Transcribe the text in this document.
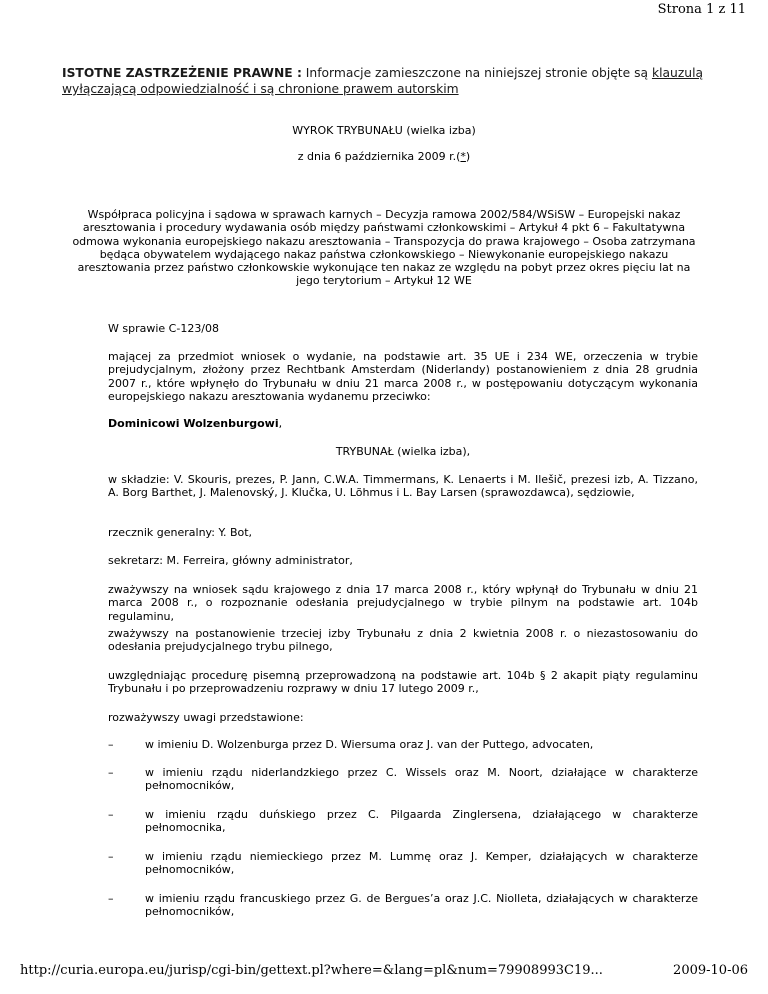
Strona 1 z 11
ISTOTNE ZASTRZEŻENIE PRAWNE : Informacje zamieszczone na niniejszej stronie objęte są klauzulą wyłączającą odpowiedzialność i są chronione prawem autorskim
WYROK TRYBUNAŁU (wielka izba)
z dnia 6 października 2009 r.(*)
Współpraca policyjna i sądowa w sprawach karnych – Decyzja ramowa 2002/584/WSiSW – Europejski nakaz aresztowania i procedury wydawania osób między państwami członkowskimi – Artykuł 4 pkt 6 – Fakultatywna odmowa wykonania europejskiego nakazu aresztowania – Transpozycja do prawa krajowego – Osoba zatrzymana będąca obywatelem wydającego nakaz państwa członkowskiego – Niewykonanie europejskiego nakazu aresztowania przez państwo członkowskie wykonujące ten nakaz ze względu na pobyt przez okres pięciu lat na jego terytorium – Artykuł 12 WE
W sprawie C‑123/08
mającej za przedmiot wniosek o wydanie, na podstawie art. 35 UE i 234 WE, orzeczenia w trybie prejudycjalnym, złożony przez Rechtbank Amsterdam (Niderlandy) postanowieniem z dnia 28 grudnia 2007 r., które wpłynęło do Trybunału w dniu 21 marca 2008 r., w postępowaniu dotyczącym wykonania europejskiego nakazu aresztowania wydanemu przeciwko:
Dominicowi Wolzenburgowi,
TRYBUNAŁ (wielka izba),
w składzie: V. Skouris, prezes, P. Jann, C.W.A. Timmermans, K. Lenaerts i M. Ilešič, prezesi izb, A. Tizzano, A. Borg Barthet, J. Malenovský, J. Klučka, U. Lõhmus i L. Bay Larsen (sprawozdawca), sędziowie,
rzecznik generalny: Y. Bot,
sekretarz: M. Ferreira, główny administrator,
zważywszy na wniosek sądu krajowego z dnia 17 marca 2008 r., który wpłynął do Trybunału w dniu 21 marca 2008 r., o rozpoznanie odesłania prejudycjalnego w trybie pilnym na podstawie art. 104b regulaminu,
zważywszy na postanowienie trzeciej izby Trybunału z dnia 2 kwietnia 2008 r. o niezastosowaniu do odesłania prejudycjalnego trybu pilnego,
uwzględniając procedurę pisemną przeprowadzoną na podstawie art. 104b § 2 akapit piąty regulaminu Trybunału i po przeprowadzeniu rozprawy w dniu 17 lutego 2009 r.,
rozważywszy uwagi przedstawione:
–	w imieniu D. Wolzenburga przez D. Wiersuma oraz J. van der Puttego, advocaten,
–	w imieniu rządu niderlandzkiego przez C. Wissels oraz M. Noort, działające w charakterze pełnomocników,
–	w imieniu rządu duńskiego przez C. Pilgaarda Zinglersena, działającego w charakterze pełnomocnika,
–	w imieniu rządu niemieckiego przez M. Lummę oraz J. Kemper, działających w charakterze pełnomocników,
–	w imieniu rządu francuskiego przez G. de Bergues’a oraz J.C. Niolleta, działających w charakterze pełnomocników,
http://curia.europa.eu/jurisp/cgi-bin/gettext.pl?where=&lang=pl&num=79908993C19...	2009-10-06
